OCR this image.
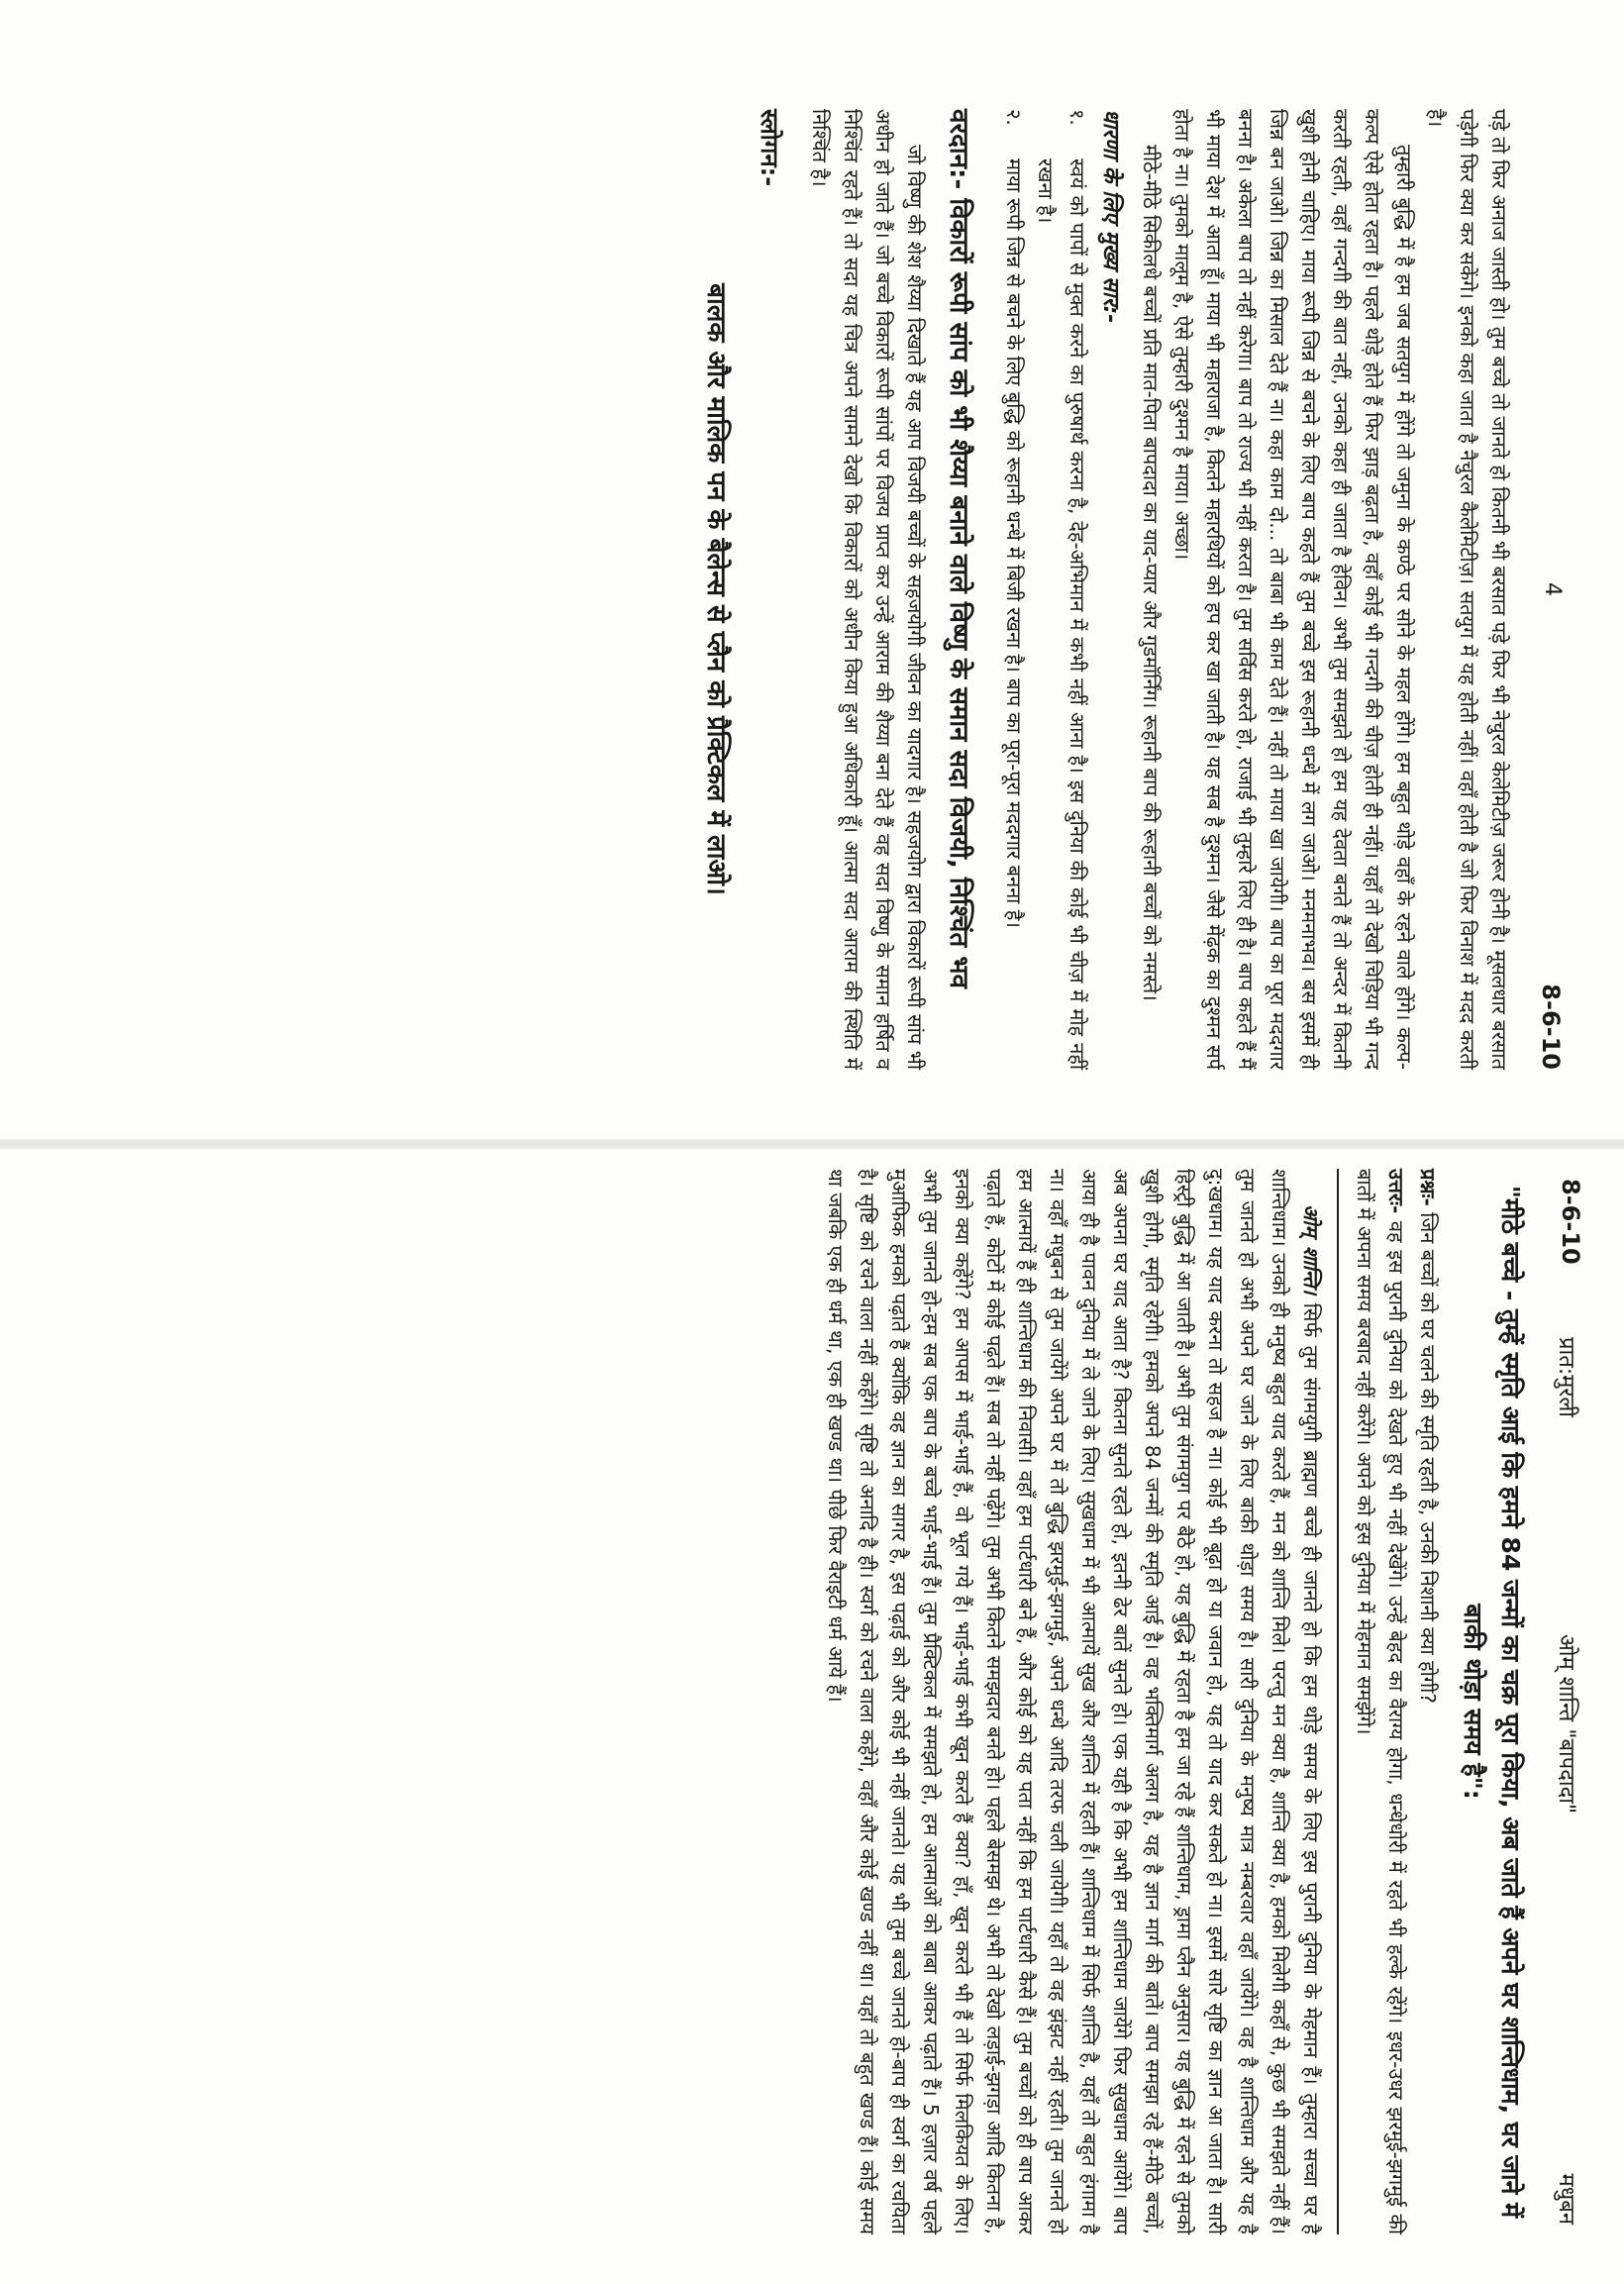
4
8-6-10

पड़े तो फिर अनाज जास्ती हो। तुम बच्चे तो जानते हो कितनी भी बरसात पड़े फिर भी नेचुरल केलेमिटीज़ जरूर होनी है। मूसलधार बरसात पड़ेगी फिर क्या कर सकेंगे। इनको कहा जाता है नैचुरल कैलेमिटीज़। सतयुग में यह होती नहीं। वहाँ होती है जो फिर विनाश में मदद करती है।

तुम्हारी बुद्धि में है हम जब सतयुग में होंगे तो जमुना के कण्ठे पर सोने के महल होंगे। हम बहुत थोड़े वहाँ के रहने वाले होंगे। कल्प-कल्प ऐसे होता रहता है। पहले थोड़े होते हैं फिर झाड़ बढ़ता है, वहाँ कोई भी गन्दगी की चीज़ होती ही नहीं। यहाँ तो देखो चिड़िया भी गन्द करती रहती, वहाँ गन्दगी की बात नहीं, उनको कहा ही जाता है हेविन। अभी तुम समझते हो हम यह देवता बनते हैं तो अन्दर में कितनी खुशी होनी चाहिए। माया रूपी जिन्न से बचने के लिए बाप कहते हैं तुम बच्चे इस रूहानी धन्धे में लग जाओ। मनमनाभव। बस इसमें ही जिन्न बन जाओ। जिन्न का मिसाल देते हैं ना। कहा काम दो... तो बाबा भी काम देते हैं। नहीं तो माया खा जायेगी। बाप का पूरा मददगार बनना है। अकेला बाप तो नहीं करेगा। बाप तो राज्य भी नहीं करता है। तुम सर्विस करते हो, राजाई भी तुम्हारे लिए ही है। बाप कहते हैं मैं भी माया देश में आता हूँ। माया भी महाराजा है, कितने महारथियों को हप कर खा जाती है। यह सब है दुश्मन। जैसे मेंढ़क का दुश्मन सर्प होता है ना। तुमको मालूम है, ऐसे तुम्हारी दुश्मन है माया। अच्छा।

मीठे-मीठे सिकीलधे बच्चों प्रति मात-पिता बापदादा का याद-प्यार और गुडमॉर्निंग। रूहानी बाप की रूहानी बच्चों को नमस्ते।

धारणा के लिए मुख्य सार:-
१.
स्वयं को पापों से मुक्त करने का पुरुषार्थ करना है, देह-अभिमान में कभी नहीं आना है। इस दुनिया की कोई भी चीज़ में मोह नहीं रखना है।
२.
माया रूपी जिन्न से बचने के लिए बुद्धि को रूहानी धन्धे में बिजी रखना है। बाप का पूरा-पूरा मददगार बनना है।
वरदान:- विकारों रूपी सांप को भी शैय्या बनाने वाले विष्णु के समान सदा विजयी, निश्चिंत भव

जो विष्णु की शेश शैय्या दिखाते हैं यह आप विजयी बच्चों के सहजयोगी जीवन का यादगार है। सहजयोग द्वारा विकारों रूपी सांप भी अधीन हो जाते हैं। जो बच्चे विकारों रूपी सांपों पर विजय प्राप्त कर उन्हें आराम की शैय्या बना देते हैं वह सदा विष्णु के समान हर्षित व निश्चिंत रहते हैं। तो सदा यह चित्र अपने सामने देखो कि विकारों को अधीन किया हुआ अधिकारी हूँ। आत्मा सदा आराम की स्थिति में निश्चिंत है।

स्लोगन:-
बालक और मालिक पन के बैलेन्स से प्लैन को प्रैक्टिकल में लाओ।
8-6-10
प्रात:मुरली
ओम् शान्ति "बापदादा"
मधुबन
"मीठे बच्चे - तुम्हें स्मृति आई कि हमने 84 जन्मों का चक्र पूरा किया, अब जाते हैं अपने घर शान्तिधाम, घर जाने में बाकी थोड़ा समय है":

प्रश्नः- जिन बच्चों को घर चलने की स्मृति रहती है, उनकी निशानी क्या होगी?

उत्तरः- वह इस पुरानी दुनिया को देखते हुए भी नहीं देखेंगे। उन्हें बेहद का वैराग्य होगा, धन्धेधोरी में रहते भी हल्के रहेंगे। इधर-उधर झरमुई-झगमुई की बातों में अपना समय बरबाद नहीं करेंगे। अपने को इस दुनिया में मेहमान समझेंगे।

ओम् शान्ति। सिर्फ तुम संगमयुगी ब्राह्मण बच्चे ही जानते हो कि हम थोड़े समय के लिए इस पुरानी दुनिया के मेहमान हैं। तुम्हारा सच्चा घर है शान्तिधाम। उनको ही मनुष्य बहुत याद करते हैं, मन को शान्ति मिले। परन्तु मन क्या है, शान्ति क्या है, हमको मिलेगी कहाँ से, कुछ भी समझते नहीं हैं। तुम जानते हो अभी अपने घर जाने के लिए बाकी थोड़ा समय है। सारी दुनिया के मनुष्य मात्र नम्बरवार वहाँ जायेंगे। वह है शान्तिधाम और यह है दु:खधाम। यह याद करना तो सहज है ना। कोई भी बूढ़ा हो या जवान हो, यह तो याद कर सकते हो ना। इसमें सारे सृष्टि का ज्ञान आ जाता है। सारी हिस्ट्री बुद्धि में आ जाती है। अभी तुम संगमयुग पर बैठे हो, यह बुद्धि में रहता है हम जा रहे हैं शान्तिधाम, ड्रामा प्लैन अनुसार। यह बुद्धि में रहने से तुमको खुशी होगी, स्मृति रहेगी। हमको अपने 84 जन्मों की स्मृति आई है। वह भक्तिमार्ग अलग है, यह है ज्ञान मार्ग की बातें। बाप समझा रहे हैं-मीठे बच्चों, अब अपना घर याद आता है? कितना सुनते रहते हो, इतनी ढेर बातें सुनते हो। एक यही है कि अभी हम शान्तिधाम जायेंगे फिर सुखधाम आयेंगे। बाप आया ही है पावन दुनिया में ले जाने के लिए। सुखधाम में भी आत्मायें सुख और शान्ति में रहती हैं। शान्तिधाम में सिर्फ शान्ति है, यहाँ तो बहुत हंगामा है ना। वहाँ मधुबन से तुम जायेंगे अपने घर में तो बुद्धि झरमुई-झगमुई, अपने धन्धे आदि तरफ चली जायेगी। यहाँ तो वह झंझट नहीं रहती। तुम जानते हो हम आत्मायें हैं ही शान्तिधाम की निवासी। वहाँ हम पार्टधारी बने हैं, और कोई को यह पता नहीं कि हम पार्टधारी कैसे हैं। तुम बच्चों को ही बाप आकर पढ़ाते हैं, कोटों में कोई पढ़ते हैं। सब तो नहीं पढ़ेंगे। तुम अभी कितने समझदार बनते हो। पहले बेसमझ थे। अभी तो देखो लड़ाई-झगड़ा आदि कितना है, इनको क्या कहेंगे? हम आपस में भाई-भाई हैं, वो भूल गये हैं। भाई-भाई कभी खून करते हैं क्या? हाँ, खून करते भी हैं तो सिर्फ मिलकियत के लिए। अभी तुम जानते हो-हम सब एक बाप के बच्चे भाई-भाई हैं। तुम प्रैक्टिकल में समझते हो, हम आत्माओं को बाबा आकर पढ़ाते हैं। 5 हज़ार वर्ष पहले मुआफिक हमको पढ़ाते हैं क्योंकि वह ज्ञान का सागर है, इस पढ़ाई को और कोई भी नहीं जानते। यह भी तुम बच्चे जानते हो-बाप ही स्वर्ग का रचयिता है। सृष्टि को रचने वाला नहीं कहेंगे। सृष्टि तो अनादि है ही। स्वर्ग को रचने वाला कहेंगे, वहाँ और कोई खण्ड नहीं था। यहाँ तो बहुत खण्ड हैं। कोई समय था जबकि एक ही धर्म था, एक ही खण्ड था। पीछे फिर वैराइटी धर्म आये हैं।
